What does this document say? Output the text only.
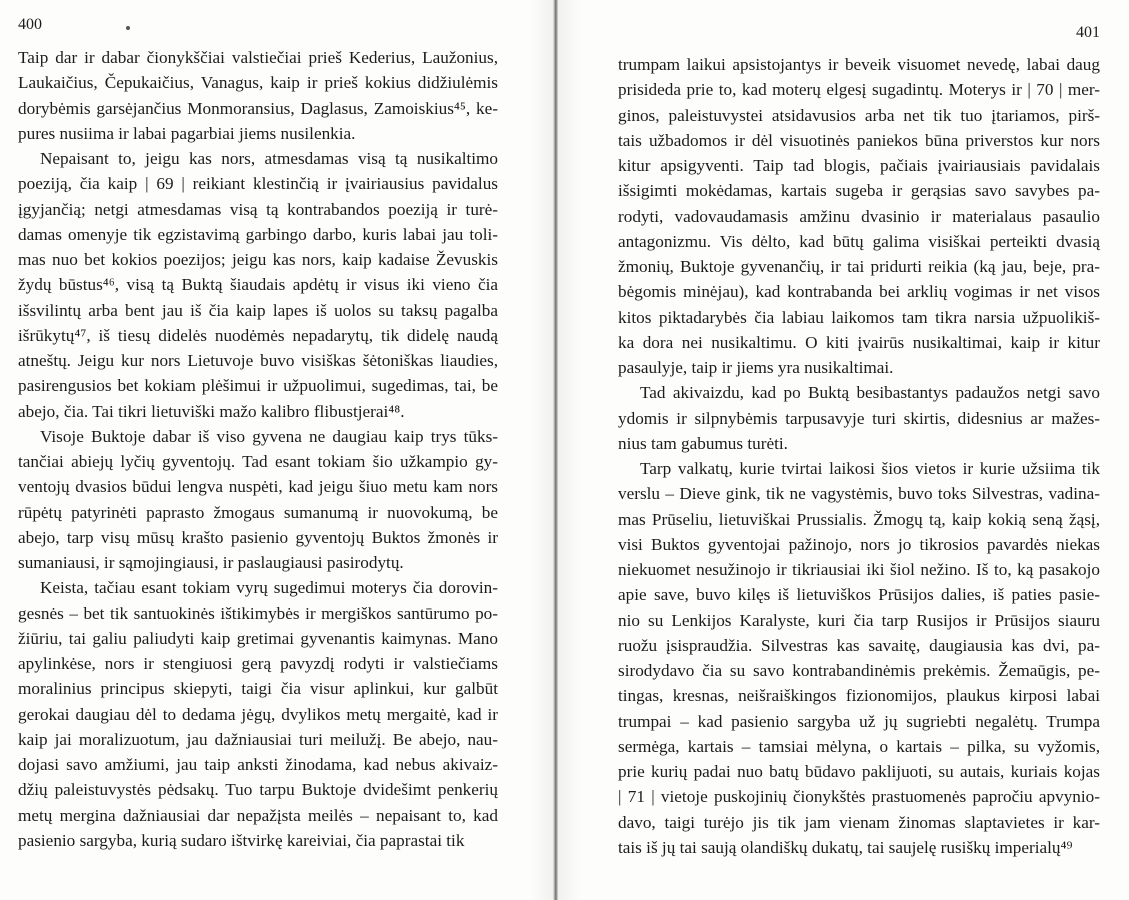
400
Taip dar ir dabar čionykščiai valstiečiai prieš Kederius, Laužonius,
Laukaičius, Čepukaičius, Vanagus, kaip ir prieš kokius didžiulėmis
dorybėmis garsėjančius Monmoransius, Daglasus, Zamoiskius⁴⁵, ke-
pures nusiima ir labai pagarbiai jiems nusilenkia.
Nepaisant to, jeigu kas nors, atmesdamas visą tą nusikaltimo
poeziją, čia kaip | 69 | reikiant klestinčią ir įvairiausius pavidalus
įgyjančią; netgi atmesdamas visą tą kontrabandos poeziją ir turė-
damas omenyje tik egzistavimą garbingo darbo, kuris labai jau toli-
mas nuo bet kokios poezijos; jeigu kas nors, kaip kadaise Ževuskis
žydų būstus⁴⁶, visą tą Buktą šiaudais apdėtų ir visus iki vieno čia
išsvilintų arba bent jau iš čia kaip lapes iš uolos su taksų pagalba
išrūkytų⁴⁷, iš tiesų didelės nuodėmės nepadarytų, tik didelę naudą
atneštų. Jeigu kur nors Lietuvoje buvo visiškas šėtoniškas liaudies,
pasirengusios bet kokiam plėšimui ir užpuolimui, sugedimas, tai, be
abejo, čia. Tai tikri lietuviški mažo kalibro flibustjerai⁴⁸.
Visoje Buktoje dabar iš viso gyvena ne daugiau kaip trys tūks-
tančiai abiejų lyčių gyventojų. Tad esant tokiam šio užkampio gy-
ventojų dvasios būdui lengva nuspėti, kad jeigu šiuo metu kam nors
rūpėtų patyrinėti paprasto žmogaus sumanumą ir nuovokumą, be
abejo, tarp visų mūsų krašto pasienio gyventojų Buktos žmonės ir
sumaniausi, ir sąmojingiausi, ir paslaugiausi pasirodytų.
Keista, tačiau esant tokiam vyrų sugedimui moterys čia dorovin-
gesnės – bet tik santuokinės ištikimybės ir mergiškos santūrumo po-
žiūriu, tai galiu paliudyti kaip gretimai gyvenantis kaimynas. Mano
apylinkėse, nors ir stengiuosi gerą pavyzdį rodyti ir valstiečiams
moralinius principus skiepyti, taigi čia visur aplinkui, kur galbūt
gerokai daugiau dėl to dedama jėgų, dvylikos metų mergaitė, kad ir
kaip jai moralizuotum, jau dažniausiai turi meilužį. Be abejo, nau-
dojasi savo amžiumi, jau taip anksti žinodama, kad nebus akivaiz-
džių paleistuvystės pėdsakų. Tuo tarpu Buktoje dvidešimt penkerių
metų mergina dažniausiai dar nepažįsta meilės – nepaisant to, kad
pasienio sargyba, kurią sudaro ištvirkę kareiviai, čia paprastai tik
401
trumpam laikui apsistojantys ir beveik visuomet nevedę, labai daug
prisideda prie to, kad moterų elgesį sugadintų. Moterys ir | 70 | mer-
ginos, paleistuvystei atsidavusios arba net tik tuo įtariamos, pirš-
tais užbadomos ir dėl visuotinės paniekos būna priverstos kur nors
kitur apsigyventi. Taip tad blogis, pačiais įvairiausiais pavidalais
išsigimti mokėdamas, kartais sugeba ir gerąsias savo savybes pa-
rodyti, vadovaudamasis amžinu dvasinio ir materialaus pasaulio
antagonizmu. Vis dėlto, kad būtų galima visiškai perteikti dvasią
žmonių, Buktoje gyvenančių, ir tai pridurti reikia (ką jau, beje, pra-
bėgomis minėjau), kad kontrabanda bei arklių vogimas ir net visos
kitos piktadarybės čia labiau laikomos tam tikra narsia užpuolikiš-
ka dora nei nusikaltimu. O kiti įvairūs nusikaltimai, kaip ir kitur
pasaulyje, taip ir jiems yra nusikaltimai.
Tad akivaizdu, kad po Buktą besibastantys padaužos netgi savo
ydomis ir silpnybėmis tarpusavyje turi skirtis, didesnius ar mažes-
nius tam gabumus turėti.
Tarp valkatų, kurie tvirtai laikosi šios vietos ir kurie užsiima tik
verslu – Dieve gink, tik ne vagystėmis, buvo toks Silvestras, vadina-
mas Prūseliu, lietuviškai Prussialis. Žmogų tą, kaip kokią seną žąsį,
visi Buktos gyventojai pažinojo, nors jo tikrosios pavardės niekas
niekuomet nesužinojo ir tikriausiai iki šiol nežino. Iš to, ką pasakojo
apie save, buvo kilęs iš lietuviškos Prūsijos dalies, iš paties pasie-
nio su Lenkijos Karalyste, kuri čia tarp Rusijos ir Prūsijos siauru
ruožu įsispraudžia. Silvestras kas savaitę, daugiausia kas dvi, pa-
sirodydavo čia su savo kontrabandinėmis prekėmis. Žemaūgis, pe-
tingas, kresnas, neišraiškingos fizionomijos, plaukus kirposi labai
trumpai – kad pasienio sargyba už jų sugriebti negalėtų. Trumpa
sermėga, kartais – tamsiai mėlyna, o kartais – pilka, su vyžomis,
prie kurių padai nuo batų būdavo paklijuoti, su autais, kuriais kojas
| 71 | vietoje puskojinių čionykštės prastuomenės papročiu apvynio-
davo, taigi turėjo jis tik jam vienam žinomas slaptavietes ir kar-
tais iš jų tai saują olandiškų dukatų, tai saujelę rusiškų imperialų⁴⁹
